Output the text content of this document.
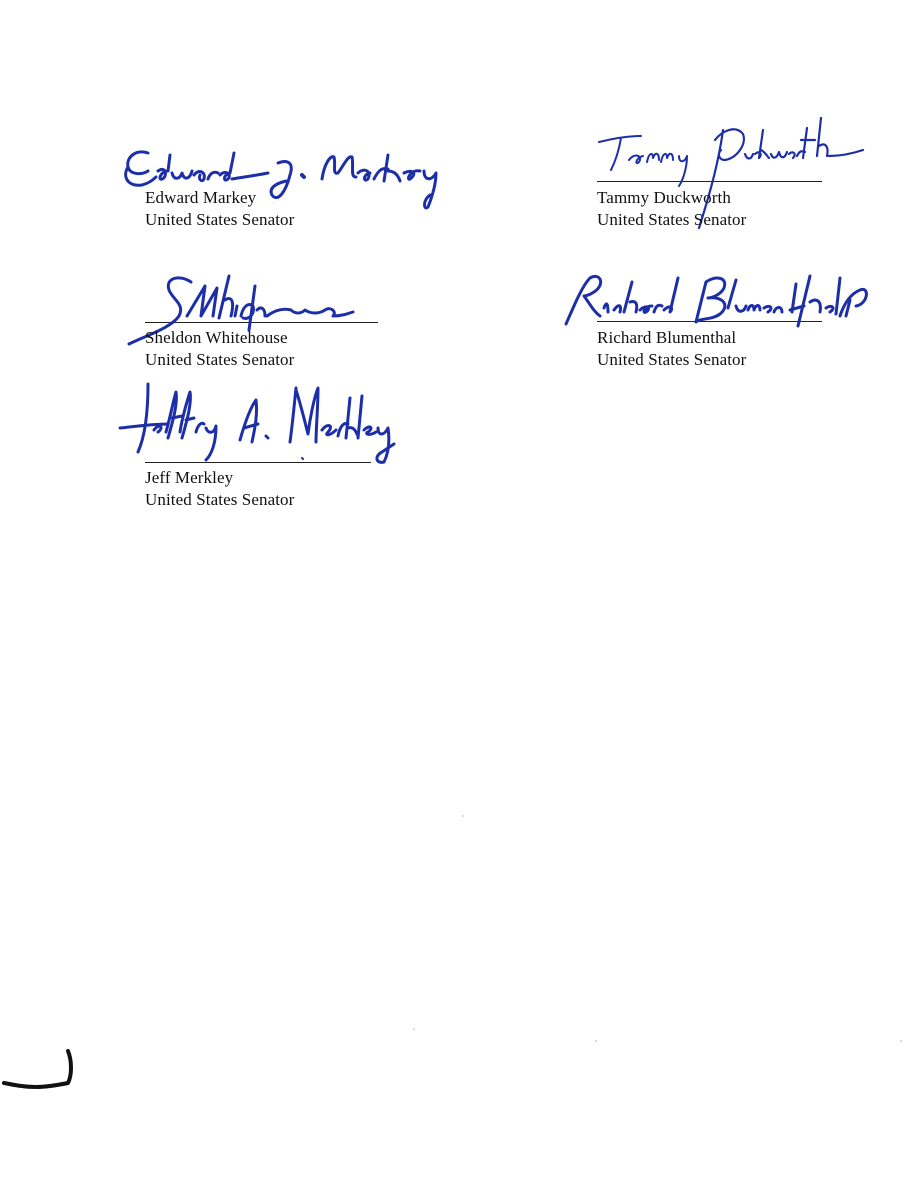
Edward Markey
United States Senator
Tammy Duckworth
United States Senator
Sheldon Whitehouse
United States Senator
Richard Blumenthal
United States Senator
Jeff Merkley
United States Senator
